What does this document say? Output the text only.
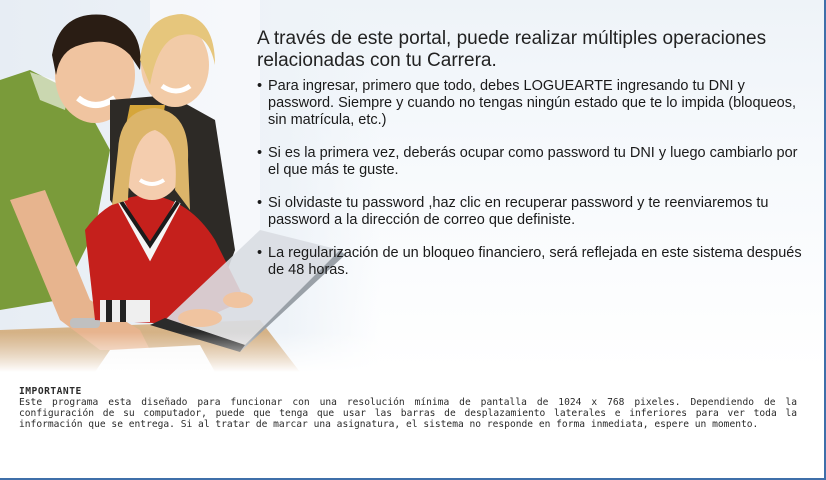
A través de este portal, puede realizar múltiples operaciones relacionadas con tu Carrera.
• Para ingresar, primero que todo, debes LOGUEARTE ingresando tu DNI y password. Siempre y cuando no tengas ningún estado que te lo impida (bloqueos, sin matrícula, etc.)
• Si es la primera vez, deberás ocupar como password tu DNI y luego cambiarlo por el que más te guste.
• Si olvidaste tu password ,haz clic en recuperar password y te reenviaremos tu password a la dirección de correo que definiste.
• La regularización de un bloqueo financiero, será reflejada en este sistema después de 48 horas.
IMPORTANTE
Este programa esta diseñado para funcionar con una resolución mínima de pantalla de 1024 x 768 pixeles. Dependiendo de la configuración de su computador, puede que tenga que usar las barras de desplazamiento laterales e inferiores para ver toda la información que se entrega. Si al tratar de marcar una asignatura, el sistema no responde en forma inmediata, espere un momento.
